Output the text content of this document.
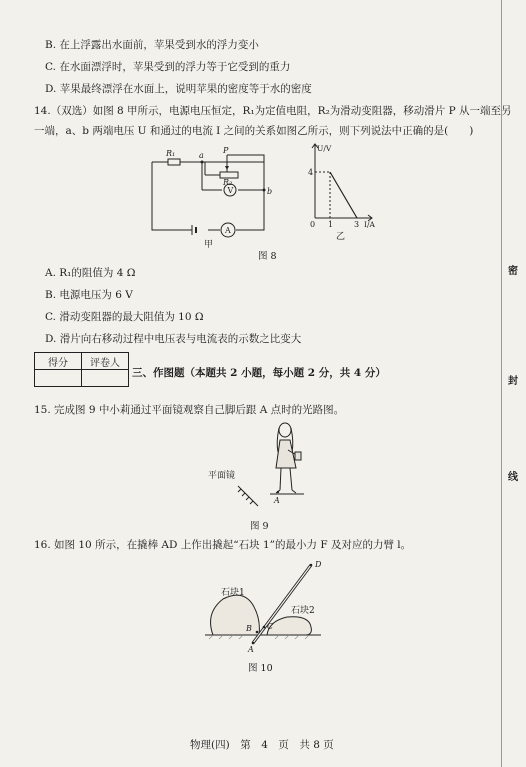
密
封
线
B. 在上浮露出水面前，苹果受到水的浮力变小
C. 在水面漂浮时，苹果受到的浮力等于它受到的重力
D. 苹果最终漂浮在水面上，说明苹果的密度等于水的密度
14.（双选）如图 8 甲所示，电源电压恒定，R₁为定值电阻，R₂为滑动变阻器，移动滑片 P 从一端至另
一端，a、b 两端电压 U 和通过的电流 I 之间的关系如图乙所示，则下列说法中正确的是(　　)
V
A
R₁
R₂
P
a
b
甲
U/V
I/A
4
0 1	3
乙
图 8
A. R₁的阻值为 4 Ω
B. 电源电压为 6 V
C. 滑动变阻器的最大阻值为 10 Ω
D. 滑片向右移动过程中电压表与电流表的示数之比变大
得分	评卷人

三、作图题（本题共 2 小题，每小题 2 分，共 4 分）
15. 完成图 9 中小莉通过平面镜观察自己脚后跟 A 点时的光路图。
平面镜
A
图 9
16. 如图 10 所示，在撬棒 AD 上作出撬起“石块 1”的最小力 F 及对应的力臂 l。
石块1
石块2
B C
A
D
图 10
物理(四)　第　4　页　共 8 页
